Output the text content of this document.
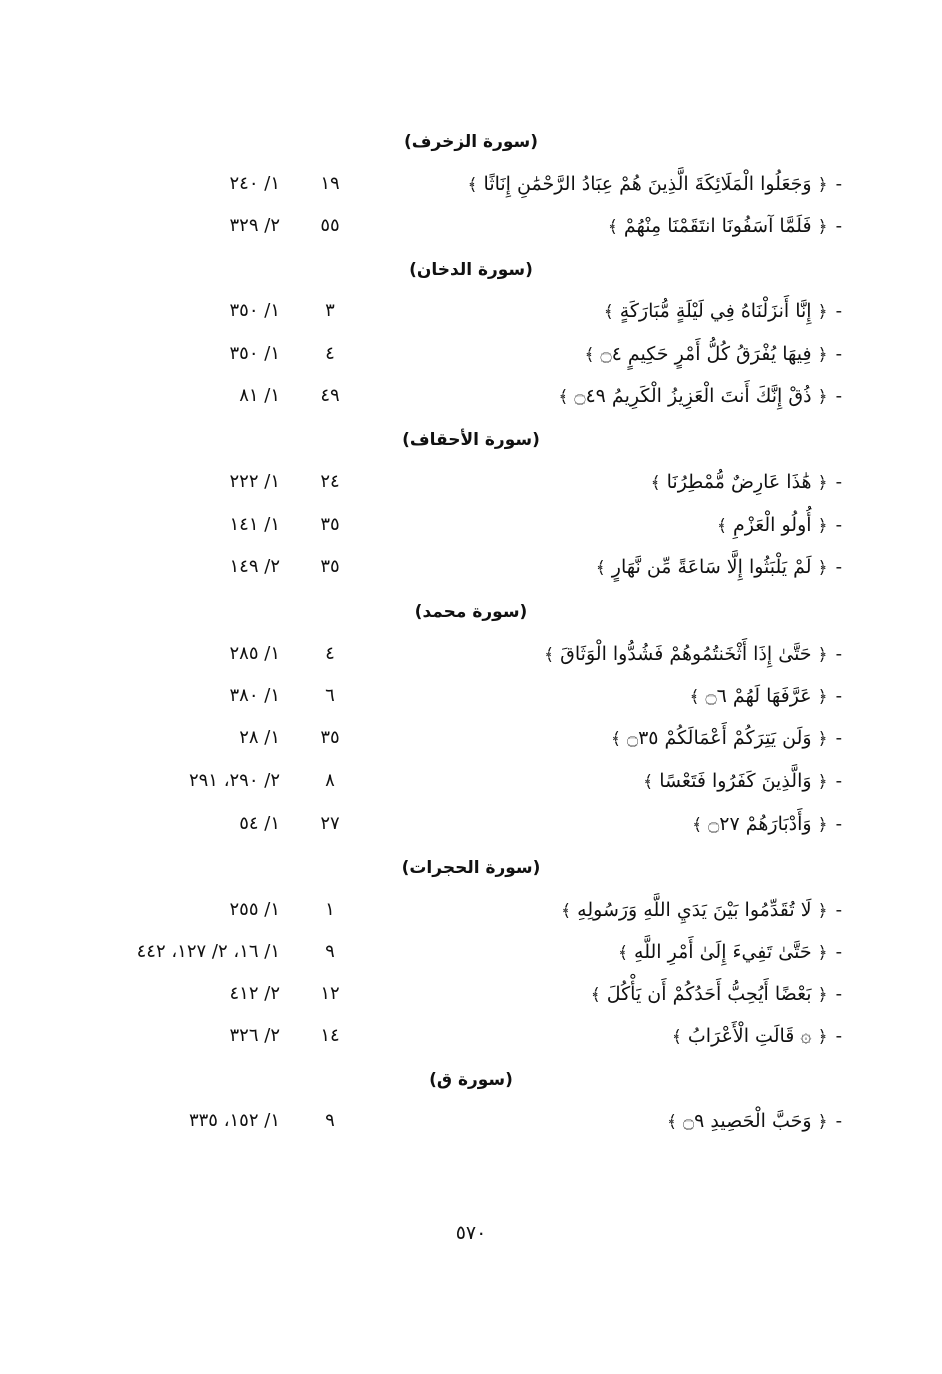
(سورة الزخرف)
-﴿ وَجَعَلُوا الْمَلَائِكَةَ الَّذِينَ هُمْ عِبَادُ الرَّحْمَٰنِ إِنَاثًا ﴾
١٩
١/ ٢٤٠
-﴿ فَلَمَّا آسَفُونَا انتَقَمْنَا مِنْهُمْ ﴾
٥٥
٢/ ٣٢٩
(سورة الدخان)
-﴿ إِنَّا أَنزَلْنَاهُ فِي لَيْلَةٍ مُّبَارَكَةٍ ﴾
٣
١/ ٣٥٠
-﴿ فِيهَا يُفْرَقُ كُلُّ أَمْرٍ حَكِيمٍ ۝٤ ﴾
٤
١/ ٣٥٠
-﴿ ذُقْ إِنَّكَ أَنتَ الْعَزِيزُ الْكَرِيمُ ۝٤٩ ﴾
٤٩
١/ ٨١
(سورة الأحقاف)
-﴿ هَٰذَا عَارِضٌ مُّمْطِرُنَا ﴾
٢٤
١/ ٢٢٢
-﴿ أُولُو الْعَزْمِ ﴾
٣٥
١/ ١٤١
-﴿ لَمْ يَلْبَثُوا إِلَّا سَاعَةً مِّن نَّهَارٍ ﴾
٣٥
٢/ ١٤٩
(سورة محمد)
-﴿ حَتَّىٰ إِذَا أَثْخَنتُمُوهُمْ فَشُدُّوا الْوَثَاقَ ﴾
٤
١/ ٢٨٥
-﴿ عَرَّفَهَا لَهُمْ ۝٦ ﴾
٦
١/ ٣٨٠
-﴿ وَلَن يَتِرَكُمْ أَعْمَالَكُمْ ۝٣٥ ﴾
٣٥
١/ ٢٨
-﴿ وَالَّذِينَ كَفَرُوا فَتَعْسًا ﴾
٨
٢/ ٢٩٠، ٢٩١
-﴿ وَأَدْبَارَهُمْ ۝٢٧ ﴾
٢٧
١/ ٥٤
(سورة الحجرات)
-﴿ لَا تُقَدِّمُوا بَيْنَ يَدَيِ اللَّهِ وَرَسُولِهِ ﴾
١
١/ ٢٥٥
-﴿ حَتَّىٰ تَفِيءَ إِلَىٰ أَمْرِ اللَّهِ ﴾
٩
١/ ١٦، ٢/ ١٢٧، ٤٤٢
-﴿ بَعْضًا أَيُحِبُّ أَحَدُكُمْ أَن يَأْكُلَ ﴾
١٢
٢/ ٤١٢
-﴿ ۞ قَالَتِ الْأَعْرَابُ ﴾
١٤
٢/ ٣٢٦
(سورة ق)
-﴿ وَحَبَّ الْحَصِيدِ ۝٩ ﴾
٩
١/ ١٥٢، ٣٣٥
٥٧٠
